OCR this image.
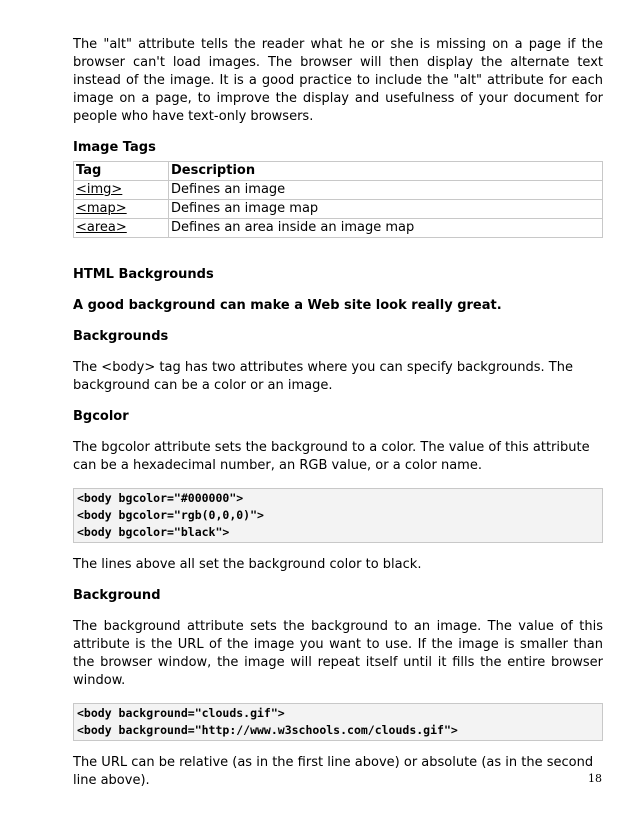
The "alt" attribute tells the reader what he or she is missing on a page if the browser can't load images. The browser will then display the alternate text instead of the image. It is a good practice to include the "alt" attribute for each image on a page, to improve the display and usefulness of your document for people who have text-only browsers.

Image Tags

Tag	Description
<img>	Defines an image
<map>	Defines an image map
<area>	Defines an area inside an image map

HTML Backgrounds

A good background can make a Web site look really great.

Backgrounds

The <body> tag has two attributes where you can specify backgrounds. The background can be a color or an image.

Bgcolor

The bgcolor attribute sets the background to a color. The value of this attribute can be a hexadecimal number, an RGB value, or a color name.

<body bgcolor="#000000">
<body bgcolor="rgb(0,0,0)">
<body bgcolor="black">

The lines above all set the background color to black.

Background

The background attribute sets the background to an image. The value of this attribute is the URL of the image you want to use. If the image is smaller than the browser window, the image will repeat itself until it fills the entire browser window.

<body background="clouds.gif">
<body background="http://www.w3schools.com/clouds.gif">

The URL can be relative (as in the first line above) or absolute (as in the second line above).	18
